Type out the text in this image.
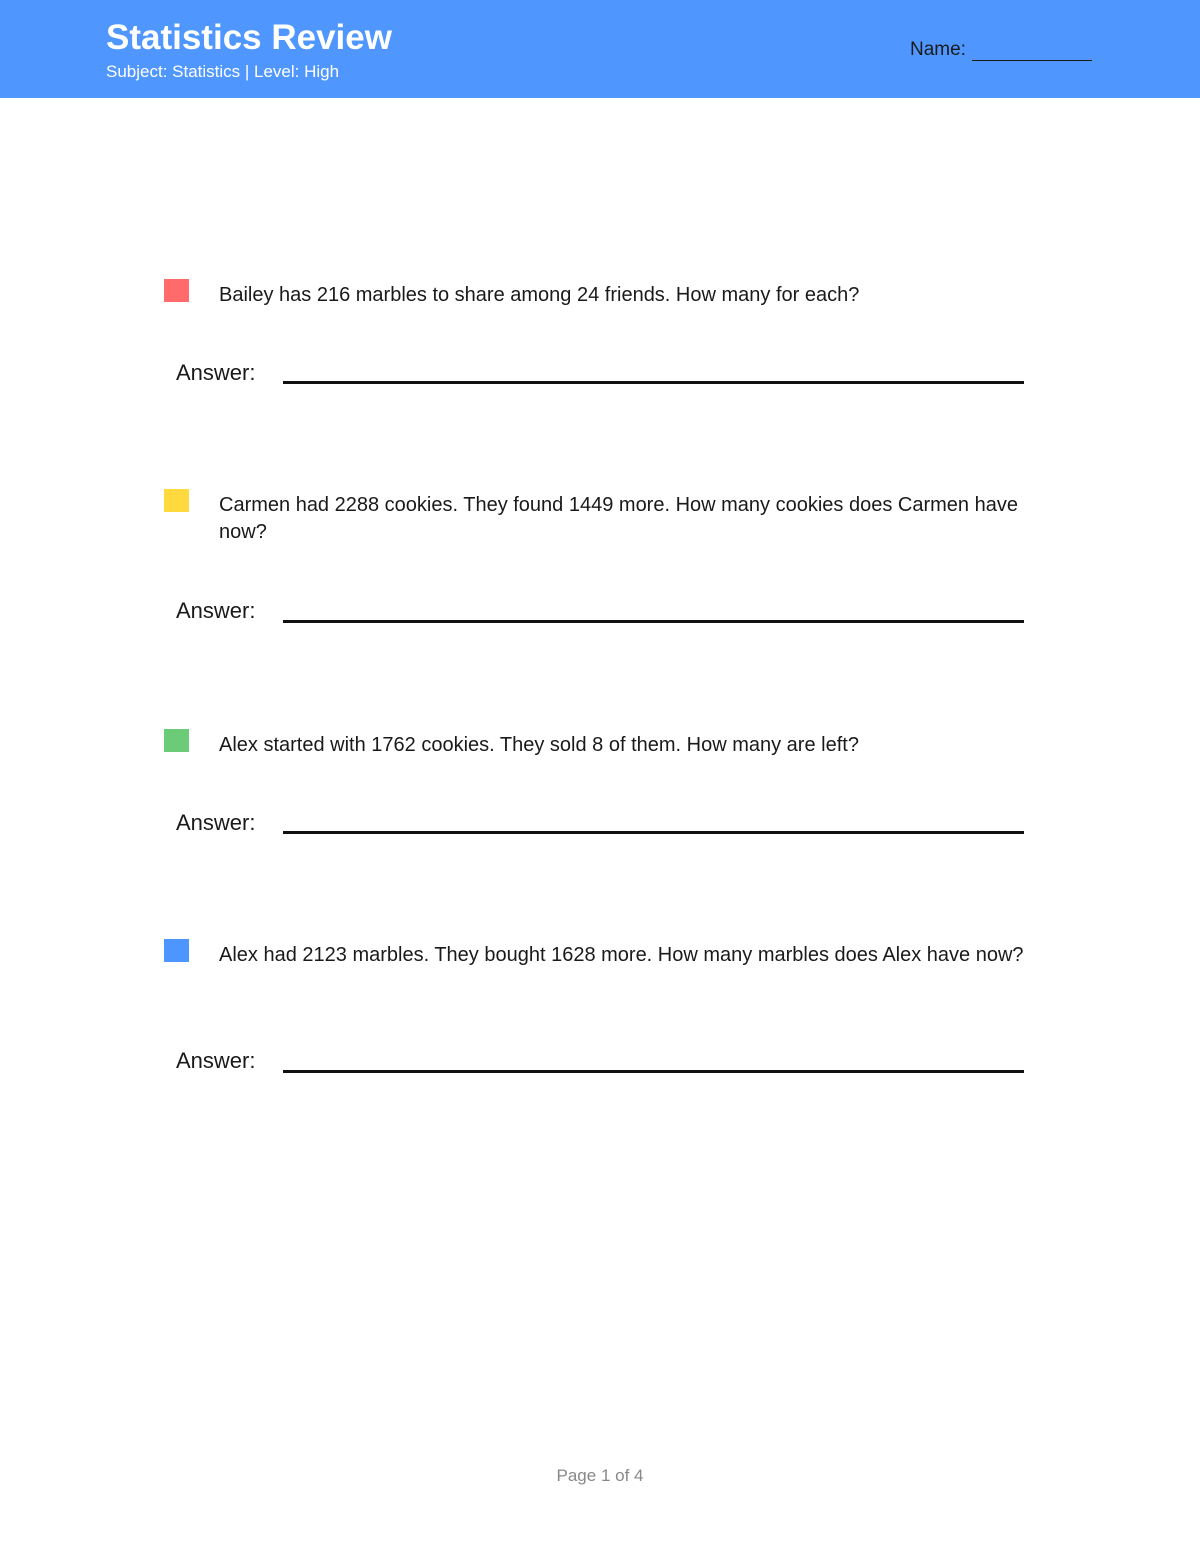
Statistics Review
Subject: Statistics | Level: High
Name:
Bailey has 216 marbles to share among 24 friends. How many for each?
Answer:
Carmen had 2288 cookies. They found 1449 more. How many cookies does Carmen have now?
Answer:
Alex started with 1762 cookies. They sold 8 of them. How many are left?
Answer:
Alex had 2123 marbles. They bought 1628 more. How many marbles does Alex have now?
Answer:
Page 1 of 4
